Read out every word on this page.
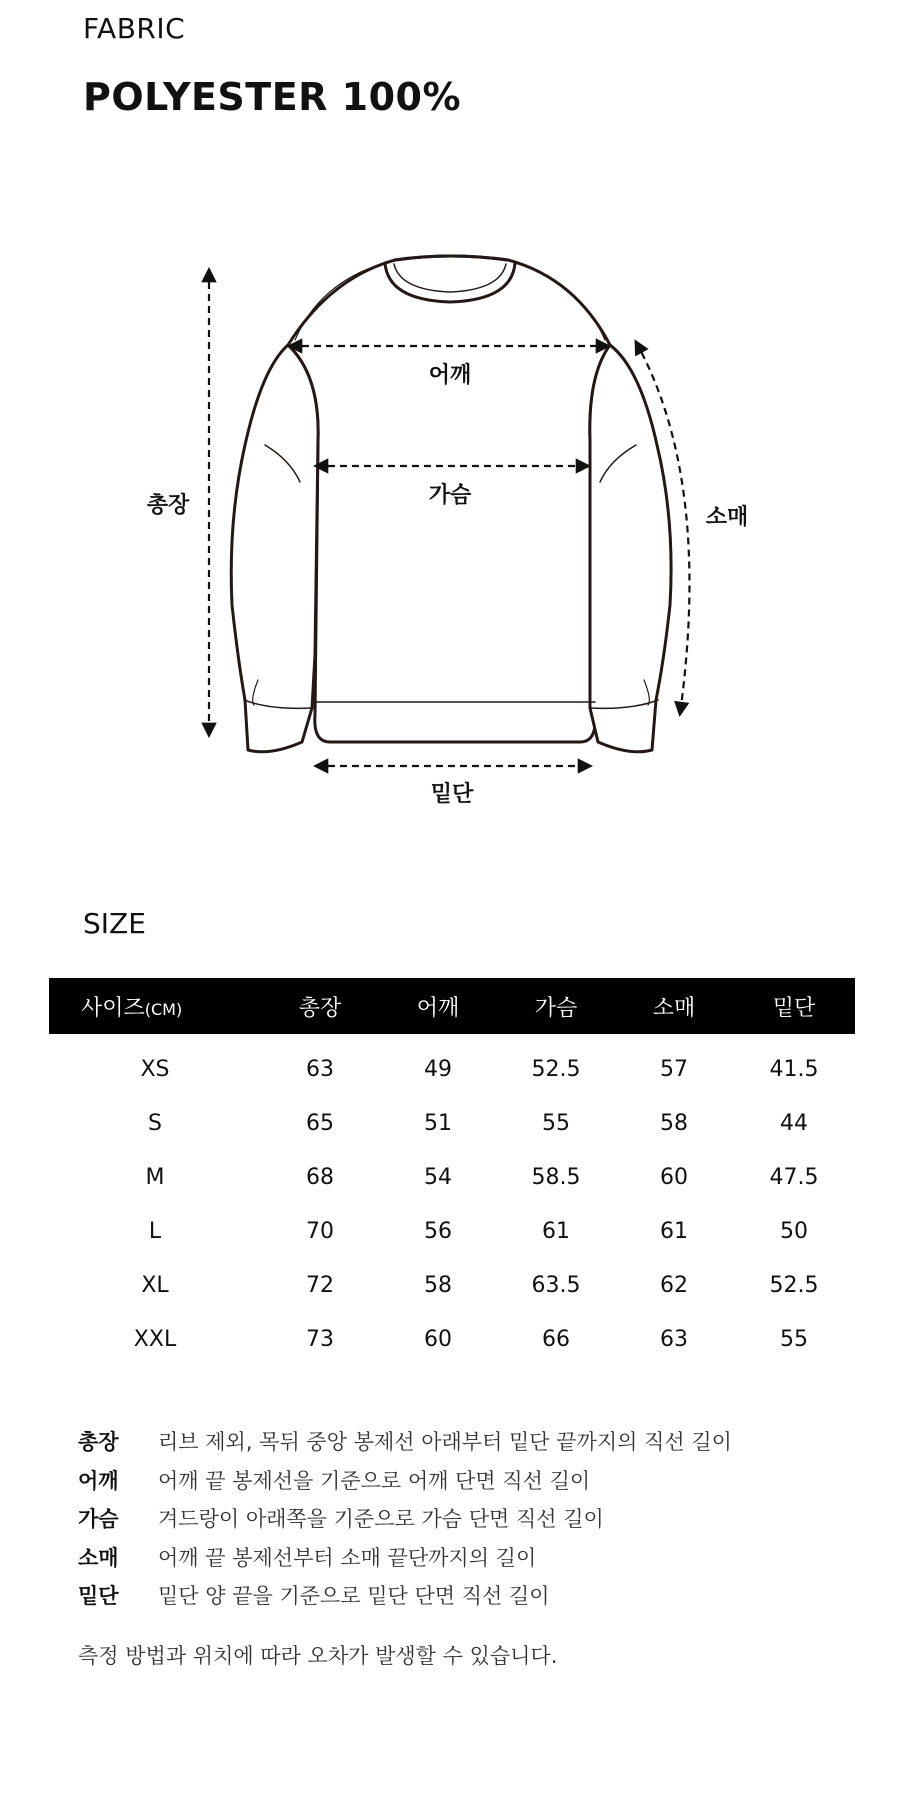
FABRIC
POLYESTER 100%
총장
어깨
가슴
소매
밑단
SIZE
사이즈(CM)	총장	어깨	가슴	소매	밑단
XS	63	49	52.5	57	41.5
S	65	51	55	58	44
M	68	54	58.5	60	47.5
L	70	56	61	61	50
XL	72	58	63.5	62	52.5
XXL	73	60	66	63	55
총장	리브 제외, 목뒤 중앙 봉제선 아래부터 밑단 끝까지의 직선 길이
어깨	어깨 끝 봉제선을 기준으로 어깨 단면 직선 길이
가슴	겨드랑이 아래쪽을 기준으로 가슴 단면 직선 길이
소매	어깨 끝 봉제선부터 소매 끝단까지의 길이
밑단	밑단 양 끝을 기준으로 밑단 단면 직선 길이
측정 방법과 위치에 따라 오차가 발생할 수 있습니다.
